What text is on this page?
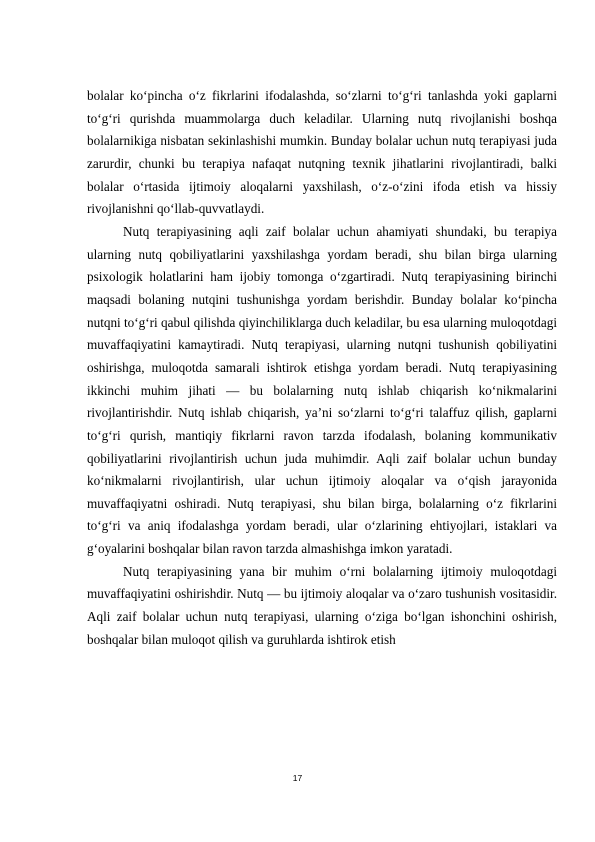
bolalar ko‘pincha o‘z fikrlarini ifodalashda, so‘zlarni to‘g‘ri tanlashda yoki gaplarni to‘g‘ri qurishda muammolarga duch keladilar. Ularning nutq rivojlanishi boshqa bolalarnikiga nisbatan sekinlashishi mumkin. Bunday bolalar uchun nutq terapiyasi juda zarurdir, chunki bu terapiya nafaqat nutqning texnik jihatlarini rivojlantiradi, balki bolalar o‘rtasida ijtimoiy aloqalarni yaxshilash, o‘z-o‘zini ifoda etish va hissiy rivojlanishni qo‘llab-quvvatlaydi.

Nutq terapiyasining aqli zaif bolalar uchun ahamiyati shundaki, bu terapiya ularning nutq qobiliyatlarini yaxshilashga yordam beradi, shu bilan birga ularning psixologik holatlarini ham ijobiy tomonga o‘zgartiradi. Nutq terapiyasining birinchi maqsadi bolaning nutqini tushunishga yordam berishdir. Bunday bolalar ko‘pincha nutqni to‘g‘ri qabul qilishda qiyinchiliklarga duch keladilar, bu esa ularning muloqotdagi muvaffaqiyatini kamaytiradi. Nutq terapiyasi, ularning nutqni tushunish qobiliyatini oshirishga, muloqotda samarali ishtirok etishga yordam beradi. Nutq terapiyasining ikkinchi muhim jihati — bu bolalarning nutq ishlab chiqarish ko‘nikmalarini rivojlantirishdir. Nutq ishlab chiqarish, ya’ni so‘zlarni to‘g‘ri talaffuz qilish, gaplarni to‘g‘ri qurish, mantiqiy fikrlarni ravon tarzda ifodalash, bolaning kommunikativ qobiliyatlarini rivojlantirish uchun juda muhimdir. Aqli zaif bolalar uchun bunday ko‘nikmalarni rivojlantirish, ular uchun ijtimoiy aloqalar va o‘qish jarayonida muvaffaqiyatni oshiradi. Nutq terapiyasi, shu bilan birga, bolalarning o‘z fikrlarini to‘g‘ri va aniq ifodalashga yordam beradi, ular o‘zlarining ehtiyojlari, istaklari va g‘oyalarini boshqalar bilan ravon tarzda almashishga imkon yaratadi.

Nutq terapiyasining yana bir muhim o‘rni bolalarning ijtimoiy muloqotdagi muvaffaqiyatini oshirishdir. Nutq — bu ijtimoiy aloqalar va o‘zaro tushunish vositasidir. Aqli zaif bolalar uchun nutq terapiyasi, ularning o‘ziga bo‘lgan ishonchini oshirish, boshqalar bilan muloqot qilish va guruhlarda ishtirok etish

17
